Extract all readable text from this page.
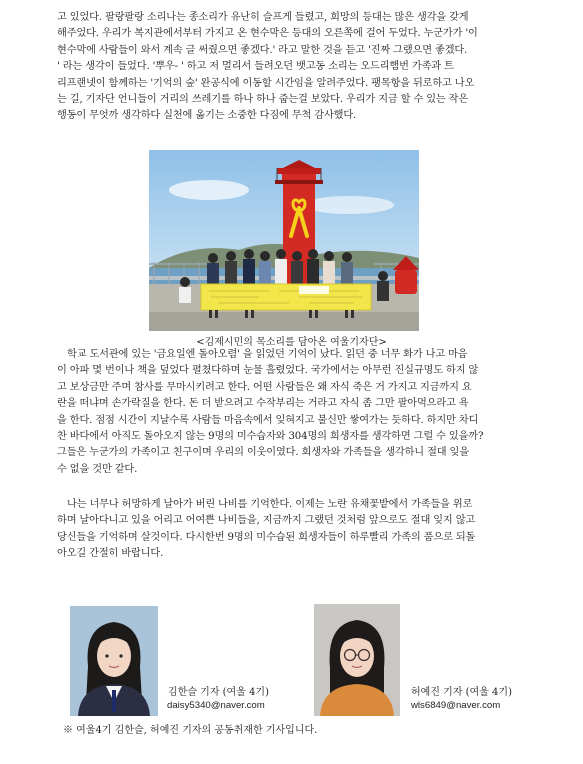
고 있었다. 팔랑팔랑 소리나는 종소리가 유난히 슬프게 들렸고, 희망의 등대는 많은 생각을 갖게
해주었다. 우리가 복지관에서부터 가지고 온 현수막은 등대의 오른쪽에 걸어 두었다. 누군가가 '이
현수막에 사람들이 와서 계속 글 써줬으면 좋겠다.' 라고 말한 것을 듣고 '진짜 그랬으면 좋겠다.
' 라는 생각이 들었다. '뿌우- ' 하고 저 멀리서 들려오던 뱃고동 소리는 오드리햄번 가족과 트
리프랜넷이 함께하는 '기억의 숲' 완공식에 이동할 시간임을 알려주었다. 팽목항을 뒤로하고 나오
는 길, 기자단 언니들이 거리의 쓰레기를 하나 하나 줍는걸 보았다. 우리가 지금 할 수 있는 작은
행동이 무엇까 생각하다 실천에 옮기는 소중한 다짐에 무척 감사했다.
<김제시민의 목소리를 담아온 여울기자단>
학교 도서관에 있는 '금요일엔 돌아오렴' 을 읽었던 기억이 났다. 읽던 중 너무 화가 나고 마음
이 아파 몇 번이나 책을 덮었다 펼쳤다하며 눈물 흘렸었다. 국가에서는 아무런 진실규명도 하지 않
고 보상금만 주며 참사를 무마시키려고 한다. 어떤 사람들은 왜 자식 죽은 거 가지고 지금까지 요
란을 떠냐며 손가락질을 한다. 돈 더 받으려고 수작부리는 거라고 자식 좀 그만 팔아먹으라고 욕
을 한다. 점점 시간이 지날수록 사람들 마음속에서 잊혀지고 불신만 쌓여가는 듯하다. 하지만 차디
찬 바다에서 아직도 돌아오지 않는 9명의 미수습자와 304명의 희생자를 생각하면 그럴 수 있을까?
그들은 누군가의 가족이고 친구이며 우리의 이웃이였다. 희생자와 가족들을 생각하니 절대 잊을
수 없을 것만 같다.
나는 너무나 허망하게 날아가 버린 나비를 기억한다. 이제는 노란 유채꽃밭에서 가족들을 위로
하며 날아다니고 있을 어리고 어여쁜 나비들을, 지금까지 그랬던 것처럼 앞으로도 절대 잊지 않고
당신들을 기억하며 살것이다. 다시한번 9명의 미수습된 희생자들이 하루빨리 가족의 품으로 되돌
아오길 간절히 바랍니다.
김한슬 기자 (여울 4기)
daisy5340@naver.com
허예진 기자 (여울 4기)
wls6849@naver.com
※ 여울4기 김한슬, 허예진 기자의 공동취재한 기사입니다.
